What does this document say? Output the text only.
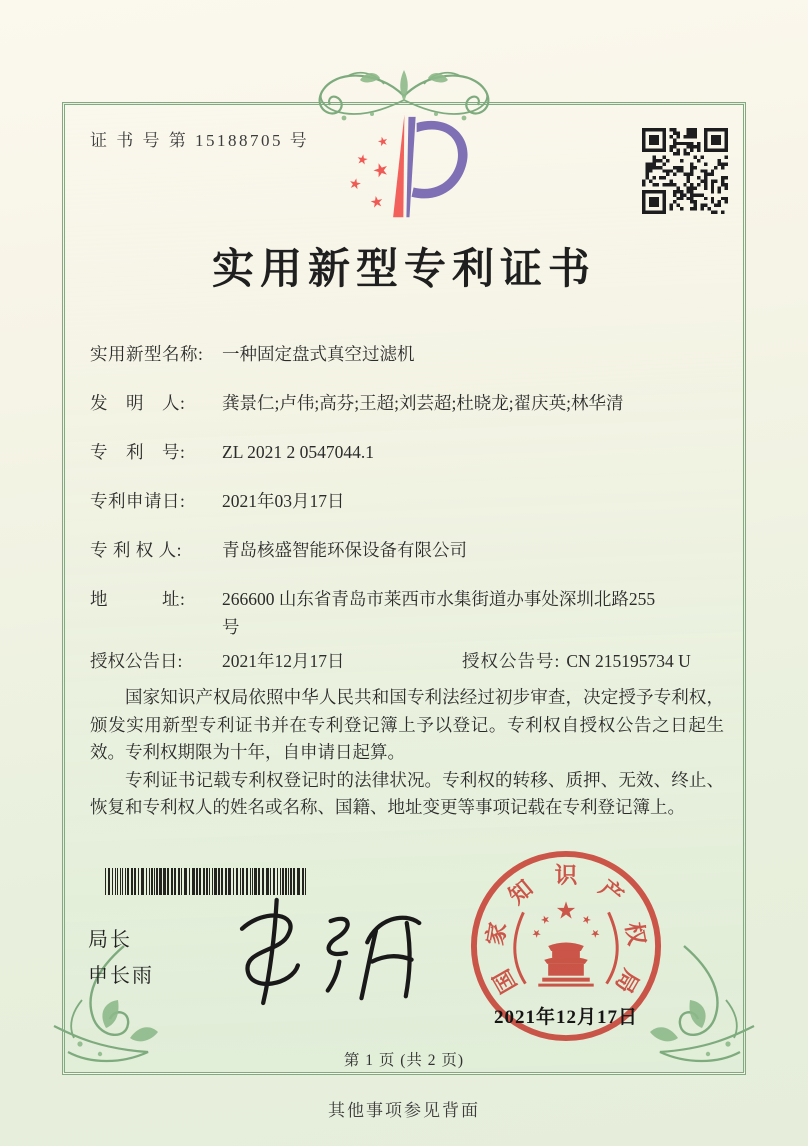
证 书 号 第 15188705 号	★
★ ★
★
★
实用新型专利证书
实用新型名称:	一种固定盘式真空过滤机
发　明　人:	龚景仁;卢伟;高芬;王超;刘芸超;杜晓龙;翟庆英;林华清
专　利　号:	ZL 2021 2 0547044.1
专利申请日:	2021年03月17日
专 利 权 人:	青岛核盛智能环保设备有限公司
地　　　址:	266600 山东省青岛市莱西市水集街道办事处深圳北路255
号
授权公告日:	2021年12月17日	授权公告号: CN 215195734 U

国家知识产权局依照中华人民共和国专利法经过初步审查，决定授予专利权，颁发实用新型专利证书并在专利登记簿上予以登记。专利权自授权公告之日起生效。专利权期限为十年，自申请日起算。

专利证书记载专利权登记时的法律状况。专利权的转移、质押、无效、终止、恢复和专利权人的姓名或名称、国籍、地址变更等事项记载在专利登记簿上。

局长
申长雨	国
家
知 识 产
权
局
★
★ ★
★	★
2021年12月17日
第 1 页 (共 2 页)
其他事项参见背面
